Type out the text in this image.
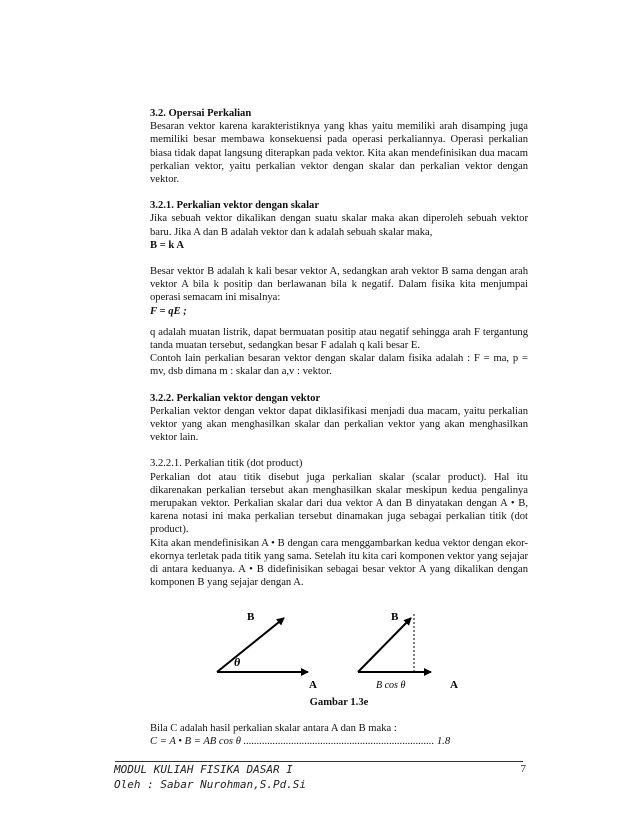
3.2. Opersai Perkalian

Besaran vektor karena karakteristiknya yang khas yaitu memiliki arah disamping juga memiliki besar membawa konsekuensi pada operasi perkaliannya. Operasi perkalian biasa tidak dapat langsung diterapkan pada vektor. Kita akan mendefinisikan dua macam perkalian vektor, yaitu perkalian vektor dengan skalar dan perkalian vektor dengan vektor.

3.2.1. Perkalian vektor dengan skalar

Jika sebuah vektor dikalikan dengan suatu skalar maka akan diperoleh sebuah vektor baru. Jika A dan B adalah vektor dan k adalah sebuah skalar maka,

B = k A

Besar vektor B adalah k kali besar vektor A, sedangkan arah vektor B sama dengan arah vektor A bila k positip dan berlawanan bila k negatif. Dalam fisika kita menjumpai operasi semacam ini misalnya:

F = qE ;

q adalah muatan listrik, dapat bermuatan positip atau negatif sehingga arah F tergantung tanda muatan tersebut, sedangkan besar F adalah q kali besar E.

Contoh lain perkalian besaran vektor dengan skalar dalam fisika adalah : F = ma, p = mv, dsb dimana m : skalar dan a,v : vektor.

3.2.2. Perkalian vektor dengan vektor

Perkalian vektor dengan vektor dapat diklasifikasi menjadi dua macam, yaitu perkalian vektor yang akan menghasilkan skalar dan perkalian vektor yang akan menghasilkan vektor lain.

3.2.2.1. Perkalian titik (dot product)

Perkalian dot atau titik disebut juga perkalian skalar (scalar product). Hal itu dikarenakan perkalian tersebut akan menghasilkan skalar meskipun kedua pengalinya merupakan vektor. Perkalian skalar dari dua vektor A dan B dinyatakan dengan A • B, karena notasi ini maka perkalian tersebut dinamakan juga sebagai perkalian titik (dot product).

Kita akan mendefinisikan A • B dengan cara menggambarkan kedua vektor dengan ekor-ekornya terletak pada titik yang sama. Setelah itu kita cari komponen vektor yang sejajar di antara keduanya. A • B didefinisikan sebagai besar vektor A yang dikalikan dengan komponen B yang sejajar dengan A.

B
θ
A
B
B cos θ	A
Gambar 1.3e

Bila C adalah hasil perkalian skalar antara A dan B maka :

C = A • B = AB cos θ ........................................................................ 1.8

MODUL KULIAH FISIKA DASAR I
Oleh : Sabar Nurohman,S.Pd.Si
7
